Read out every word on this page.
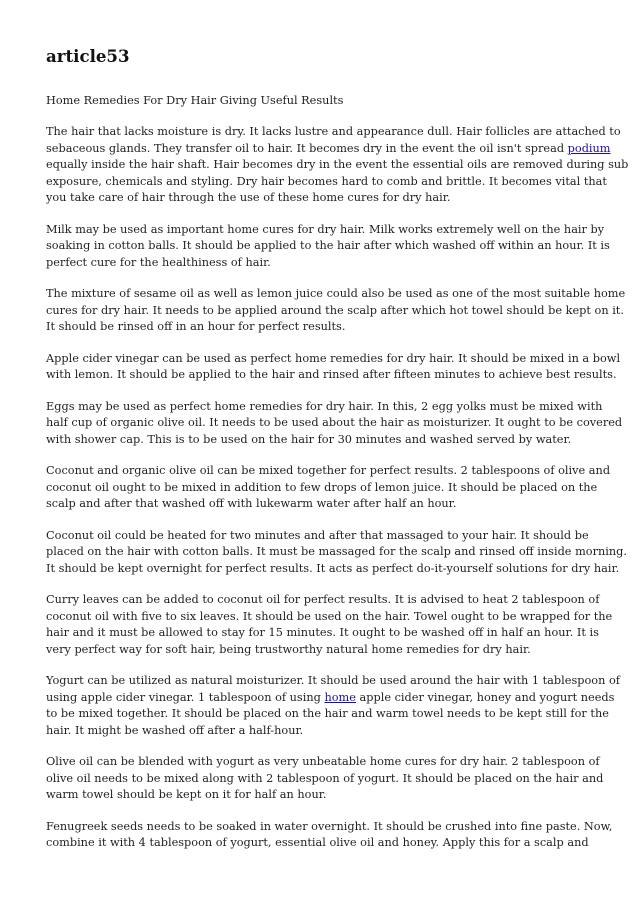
article53

Home Remedies For Dry Hair Giving Useful Results

The hair that lacks moisture is dry. It lacks lustre and appearance dull. Hair follicles are attached to
sebaceous glands. They transfer oil to hair. It becomes dry in the event the oil isn't spread podium
equally inside the hair shaft. Hair becomes dry in the event the essential oils are removed during sub
exposure, chemicals and styling. Dry hair becomes hard to comb and brittle. It becomes vital that
you take care of hair through the use of these home cures for dry hair.

Milk may be used as important home cures for dry hair. Milk works extremely well on the hair by
soaking in cotton balls. It should be applied to the hair after which washed off within an hour. It is
perfect cure for the healthiness of hair.

The mixture of sesame oil as well as lemon juice could also be used as one of the most suitable home
cures for dry hair. It needs to be applied around the scalp after which hot towel should be kept on it.
It should be rinsed off in an hour for perfect results.

Apple cider vinegar can be used as perfect home remedies for dry hair. It should be mixed in a bowl
with lemon. It should be applied to the hair and rinsed after fifteen minutes to achieve best results.

Eggs may be used as perfect home remedies for dry hair. In this, 2 egg yolks must be mixed with
half cup of organic olive oil. It needs to be used about the hair as moisturizer. It ought to be covered
with shower cap. This is to be used on the hair for 30 minutes and washed served by water.

Coconut and organic olive oil can be mixed together for perfect results. 2 tablespoons of olive and
coconut oil ought to be mixed in addition to few drops of lemon juice. It should be placed on the
scalp and after that washed off with lukewarm water after half an hour.

Coconut oil could be heated for two minutes and after that massaged to your hair. It should be
placed on the hair with cotton balls. It must be massaged for the scalp and rinsed off inside morning.
It should be kept overnight for perfect results. It acts as perfect do-it-yourself solutions for dry hair.

Curry leaves can be added to coconut oil for perfect results. It is advised to heat 2 tablespoon of
coconut oil with five to six leaves. It should be used on the hair. Towel ought to be wrapped for the
hair and it must be allowed to stay for 15 minutes. It ought to be washed off in half an hour. It is
very perfect way for soft hair, being trustworthy natural home remedies for dry hair.

Yogurt can be utilized as natural moisturizer. It should be used around the hair with 1 tablespoon of
using apple cider vinegar. 1 tablespoon of using home apple cider vinegar, honey and yogurt needs
to be mixed together. It should be placed on the hair and warm towel needs to be kept still for the
hair. It might be washed off after a half-hour.

Olive oil can be blended with yogurt as very unbeatable home cures for dry hair. 2 tablespoon of
olive oil needs to be mixed along with 2 tablespoon of yogurt. It should be placed on the hair and
warm towel should be kept on it for half an hour.

Fenugreek seeds needs to be soaked in water overnight. It should be crushed into fine paste. Now,
combine it with 4 tablespoon of yogurt, essential olive oil and honey. Apply this for a scalp and
